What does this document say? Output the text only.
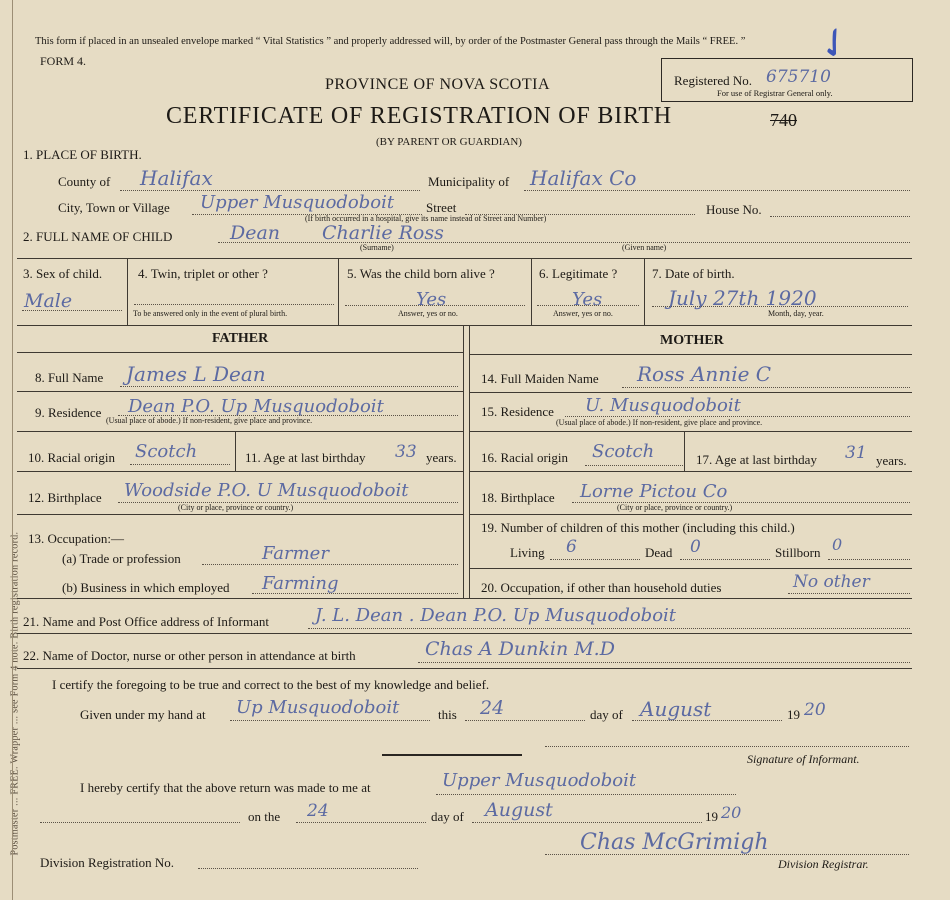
Postmaster ... FREE. Wrapper ... see Form 4 note. Birth registration record.
This form if placed in an unsealed envelope marked “ Vital Statistics ” and properly addressed will, by order of the Postmaster General pass through the Mails “ FREE. ”
FORM 4.
PROVINCE OF NOVA SCOTIA
CERTIFICATE OF REGISTRATION OF BIRTH	740
(BY PARENT OR GUARDIAN)
Registered No. 675710
For use of Registrar General only.
✓
1. PLACE OF BIRTH.
County of Halifax	Municipality of Halifax Co
City, Town or Village Upper Musquodoboit Street
(If birth occurred in a hospital, give its name instead of Street and Number)
House No.
2. FULL NAME OF CHILD	Dean Charlie Ross
(Surname)	(Given name)
3. Sex of child.
Male
4. Twin, triplet or other ?
To be answered only in the event of plural birth.
5. Was the child born alive ?
Yes
Answer, yes or no.
6. Legitimate ?
Yes
Answer, yes or no.
7. Date of birth.
July 27th 1920
Month, day, year.
FATHER	MOTHER
8. Full Name James L Dean
9. Residence Dean P.O. Up Musquodoboit
(Usual place of abode.) If non-resident, give place and province.
10. Racial origin Scotch	11. Age at last birthday 33 years.
12. Birthplace Woodside P.O. U Musquodoboit
(City or place, province or country.)
13. Occupation:—
(a) Trade or profession	Farmer
(b) Business in which employed Farming
14. Full Maiden Name Ross Annie C
15. Residence U. Musquodoboit
(Usual place of abode.) If non-resident, give place and province.
16. Racial origin Scotch	17. Age at last birthday 31 years.
18. Birthplace Lorne Pictou Co
(City or place, province or country.)
19. Number of children of this mother (including this child.)
Living 6	Dead 0	Stillborn 0
20. Occupation, if other than household duties	No other
21. Name and Post Office address of Informant	J. L. Dean . Dean P.O. Up Musquodoboit
22. Name of Doctor, nurse or other person in attendance at birth	Chas A Dunkin M.D
I certify the foregoing to be true and correct to the best of my knowledge and belief.
Given under my hand at Up Musquodoboit	this 24	day of August	19 20
Signature of Informant.
I hereby certify that the above return was made to me at	Upper Musquodoboit
on the 24	day of August	19 20
Division Registration No.
Chas McGrimigh
Division Registrar.
